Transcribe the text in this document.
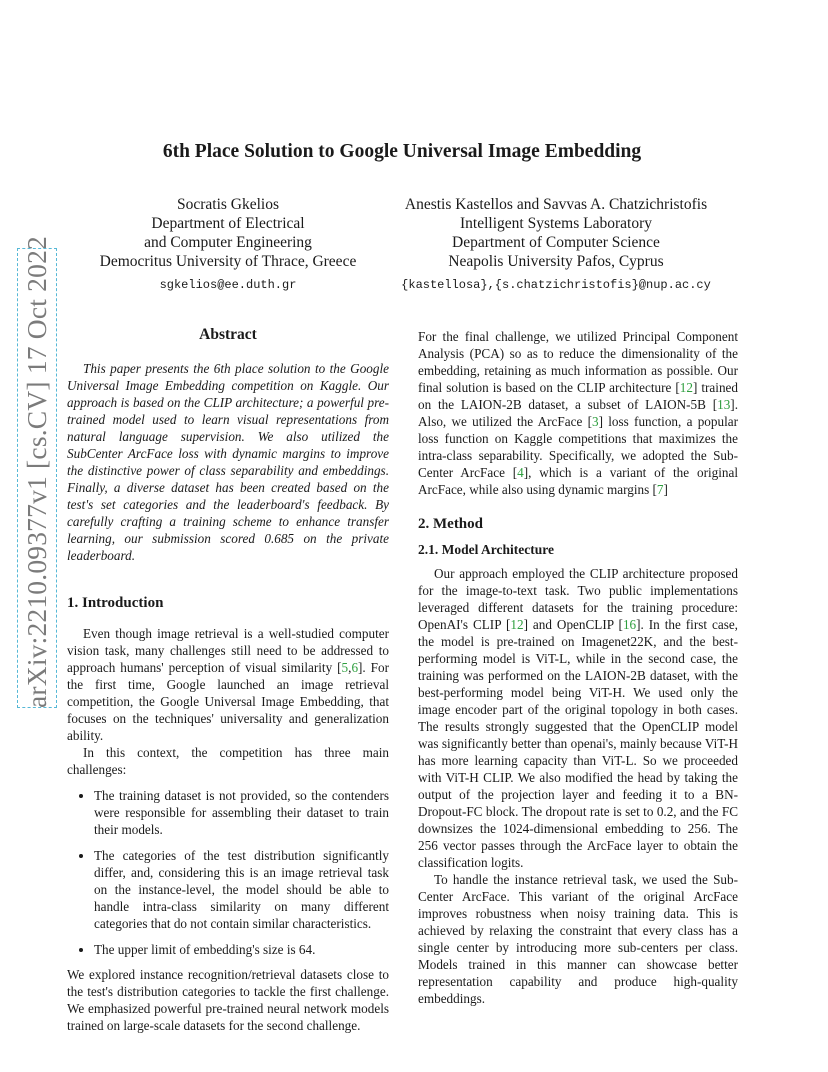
arXiv:2210.09377v1 [cs.CV] 17 Oct 2022
6th Place Solution to Google Universal Image Embedding
Socratis Gkelios
Department of Electrical
and Computer Engineering
Democritus University of Thrace, Greece
sgkelios@ee.duth.gr
Anestis Kastellos and Savvas A. Chatzichristofis
Intelligent Systems Laboratory
Department of Computer Science
Neapolis University Pafos, Cyprus
{kastellosa},{s.chatzichristofis}@nup.ac.cy
Abstract

This paper presents the 6th place solution to the Google Universal Image Embedding competition on Kaggle. Our approach is based on the CLIP architecture; a powerful pre-trained model used to learn visual representations from natural language supervision. We also utilized the SubCenter ArcFace loss with dynamic margins to improve the distinctive power of class separability and embeddings. Finally, a diverse dataset has been created based on the test's set categories and the leaderboard's feedback. By carefully crafting a training scheme to enhance transfer learning, our submission scored 0.685 on the private leaderboard.

1. Introduction

Even though image retrieval is a well-studied computer vision task, many challenges still need to be addressed to approach humans' perception of visual similarity [5,6]. For the first time, Google launched an image retrieval competition, the Google Universal Image Embedding, that focuses on the techniques' universality and generalization ability.

In this context, the competition has three main challenges:

• The training dataset is not provided, so the contenders were responsible for assembling their dataset to train their models.
• The categories of the test distribution significantly differ, and, considering this is an image retrieval task on the instance-level, the model should be able to handle intra-class similarity on many different categories that do not contain similar characteristics.
• The upper limit of embedding's size is 64.

We explored instance recognition/retrieval datasets close to the test's distribution categories to tackle the first challenge. We emphasized powerful pre-trained neural network models trained on large-scale datasets for the second challenge.

For the final challenge, we utilized Principal Component Analysis (PCA) so as to reduce the dimensionality of the embedding, retaining as much information as possible. Our final solution is based on the CLIP architecture [12] trained on the LAION-2B dataset, a subset of LAION-5B [13]. Also, we utilized the ArcFace [3] loss function, a popular loss function on Kaggle competitions that maximizes the intra-class separability. Specifically, we adopted the Sub-Center ArcFace [4], which is a variant of the original ArcFace, while also using dynamic margins [7]

2. Method
2.1. Model Architecture

Our approach employed the CLIP architecture proposed for the image-to-text task. Two public implementations leveraged different datasets for the training procedure: OpenAI's CLIP [12] and OpenCLIP [16]. In the first case, the model is pre-trained on Imagenet22K, and the best-performing model is ViT-L, while in the second case, the training was performed on the LAION-2B dataset, with the best-performing model being ViT-H. We used only the image encoder part of the original topology in both cases. The results strongly suggested that the OpenCLIP model was significantly better than openai's, mainly because ViT-H has more learning capacity than ViT-L. So we proceeded with ViT-H CLIP. We also modified the head by taking the output of the projection layer and feeding it to a BN-Dropout-FC block. The dropout rate is set to 0.2, and the FC downsizes the 1024-dimensional embedding to 256. The 256 vector passes through the ArcFace layer to obtain the classification logits.

To handle the instance retrieval task, we used the Sub-Center ArcFace. This variant of the original ArcFace improves robustness when noisy training data. This is achieved by relaxing the constraint that every class has a single center by introducing more sub-centers per class. Models trained in this manner can showcase better representation capability and produce high-quality embeddings.
